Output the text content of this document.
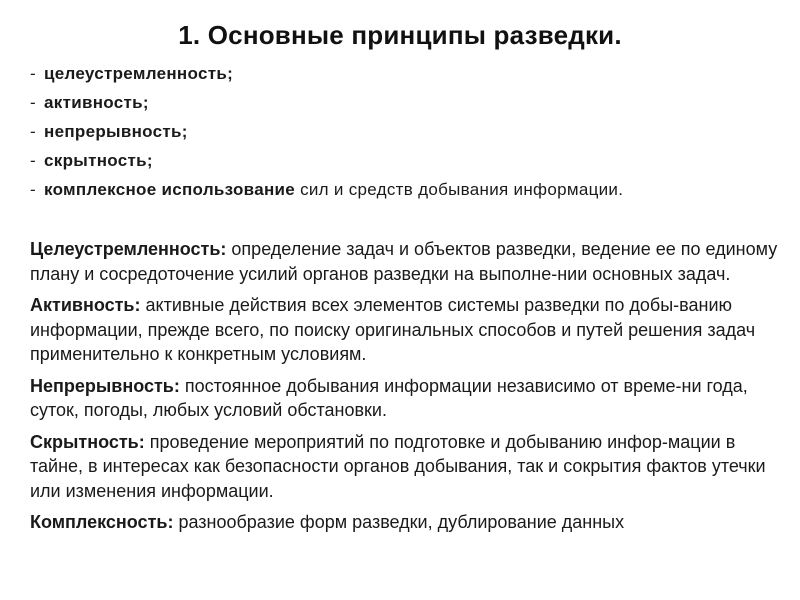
1. Основные принципы разведки.
- целеустремленность;
- активность;
- непрерывность;
- скрытность;
- комплексное использование сил и средств добывания информации.

Целеустремленность: определение задач и объектов разведки, ведение ее по единому плану и сосредоточение усилий органов разведки на выполне-нии основных задач.

Активность: активные действия всех элементов системы разведки по добы-ванию информации, прежде всего, по поиску оригинальных способов и путей решения задач применительно к конкретным условиям.

Непрерывность: постоянное добывания информации независимо от време-ни года, суток, погоды, любых условий обстановки.

Скрытность: проведение мероприятий по подготовке и добыванию инфор-мации в тайне, в интересах как безопасности органов добывания, так и сокрытия фактов утечки или изменения информации.

Комплексность: разнообразие форм разведки, дублирование данных
